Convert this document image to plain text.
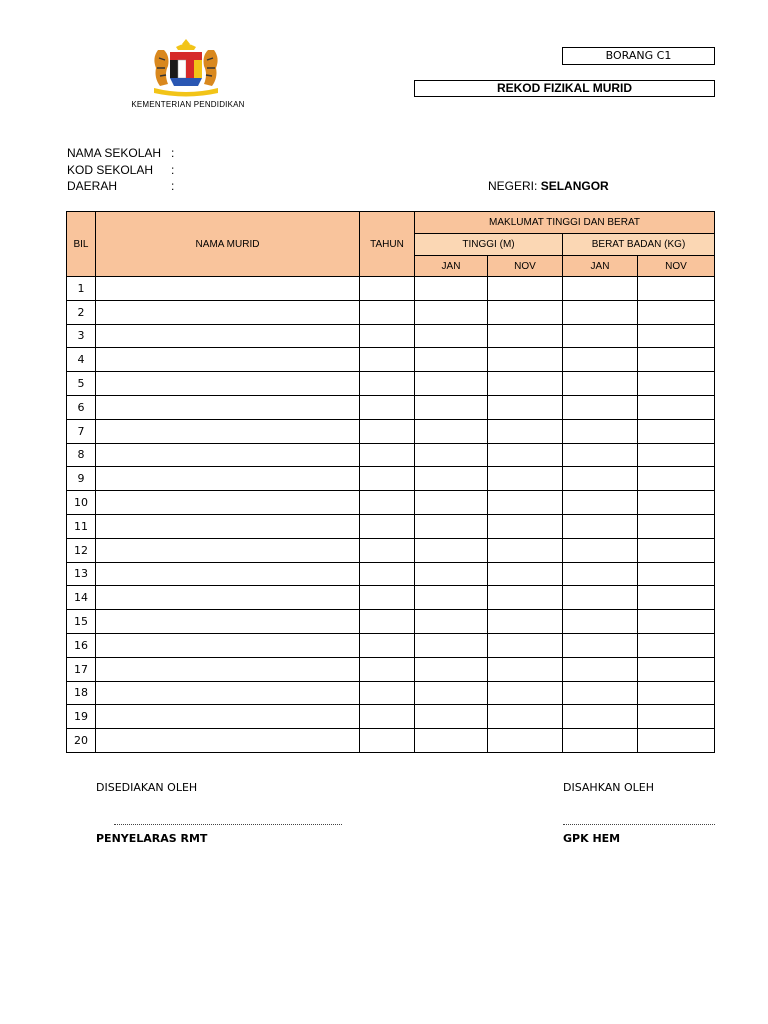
KEMENTERIAN PENDIDIKAN
BORANG C1
REKOD FIZIKAL MURID
NAMA SEKOLAH :
KOD SEKOLAH :
DAERAH	:	NEGERI: SELANGOR
BIL	NAMA MURID	TAHUN	MAKLUMAT TINGGI DAN BERAT			
			TINGGI (M)		BERAT BADAN (KG)	
			JAN	NOV	JAN	NOV
1						
2						
3						
4						
5						
6						
7						
8						
9						
10						
11						
12						
13						
14						
15						
16						
17						
18						
19						
20						
DISEDIAKAN OLEH	DISAHKAN OLEH
PENYELARAS RMT	GPK HEM
